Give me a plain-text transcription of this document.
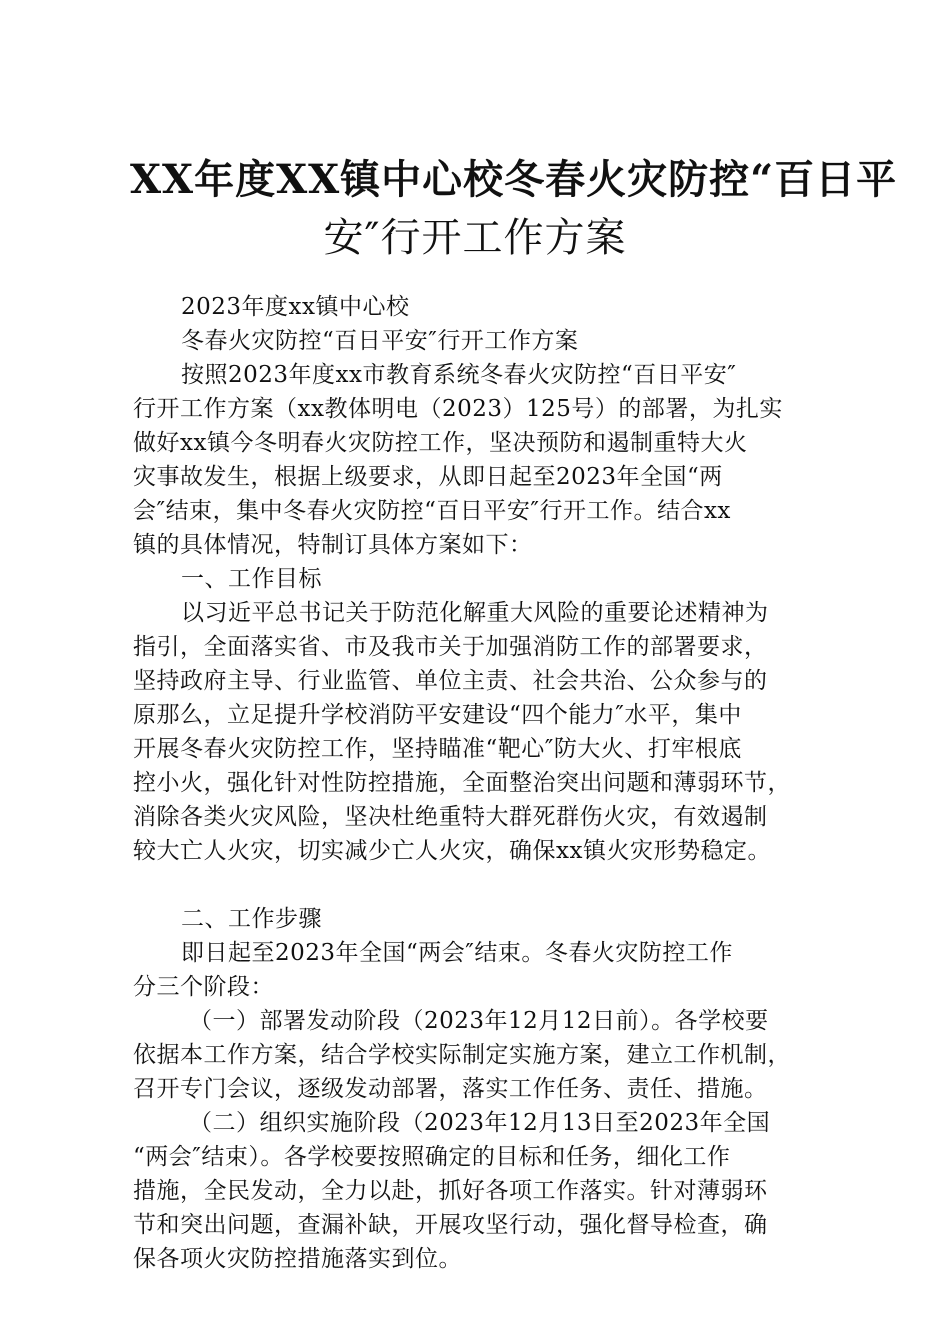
XX年度XX镇中心校冬春火灾防控“百日平
安″行开工作方案
2023年度xx镇中心校
冬春火灾防控“百日平安″行开工作方案
按照2023年度xx市教育系统冬春火灾防控“百日平安″
行开工作方案（xx教体明电（2023）125号）的部署，为扎实
做好xx镇今冬明春火灾防控工作，坚决预防和遏制重特大火
灾事故发生，根据上级要求，从即日起至2023年全国“两
会″结束，集中冬春火灾防控“百日平安″行开工作。结合xx
镇的具体情况，特制订具体方案如下：
一、工作目标
以习近平总书记关于防范化解重大风险的重要论述精神为
指引，全面落实省、市及我市关于加强消防工作的部署要求，
坚持政府主导、行业监管、单位主责、社会共治、公众参与的
原那么，立足提升学校消防平安建设“四个能力″水平，集中
开展冬春火灾防控工作，坚持瞄准“靶心″防大火、打牢根底
控小火，强化针对性防控措施，全面整治突出问题和薄弱环节，
消除各类火灾风险，坚决杜绝重特大群死群伤火灾，有效遏制
较大亡人火灾，切实减少亡人火灾，确保xx镇火灾形势稳定。
二、工作步骤
即日起至2023年全国“两会″结束。冬春火灾防控工作
分三个阶段：
（一）部署发动阶段（2023年12月12日前）。各学校要
依据本工作方案，结合学校实际制定实施方案，建立工作机制，
召开专门会议，逐级发动部署，落实工作任务、责任、措施。
（二）组织实施阶段（2023年12月13日至2023年全国
“两会″结束）。各学校要按照确定的目标和任务，细化工作
措施，全民发动，全力以赴，抓好各项工作落实。针对薄弱环
节和突出问题，查漏补缺，开展攻坚行动，强化督导检查，确
保各项火灾防控措施落实到位。
